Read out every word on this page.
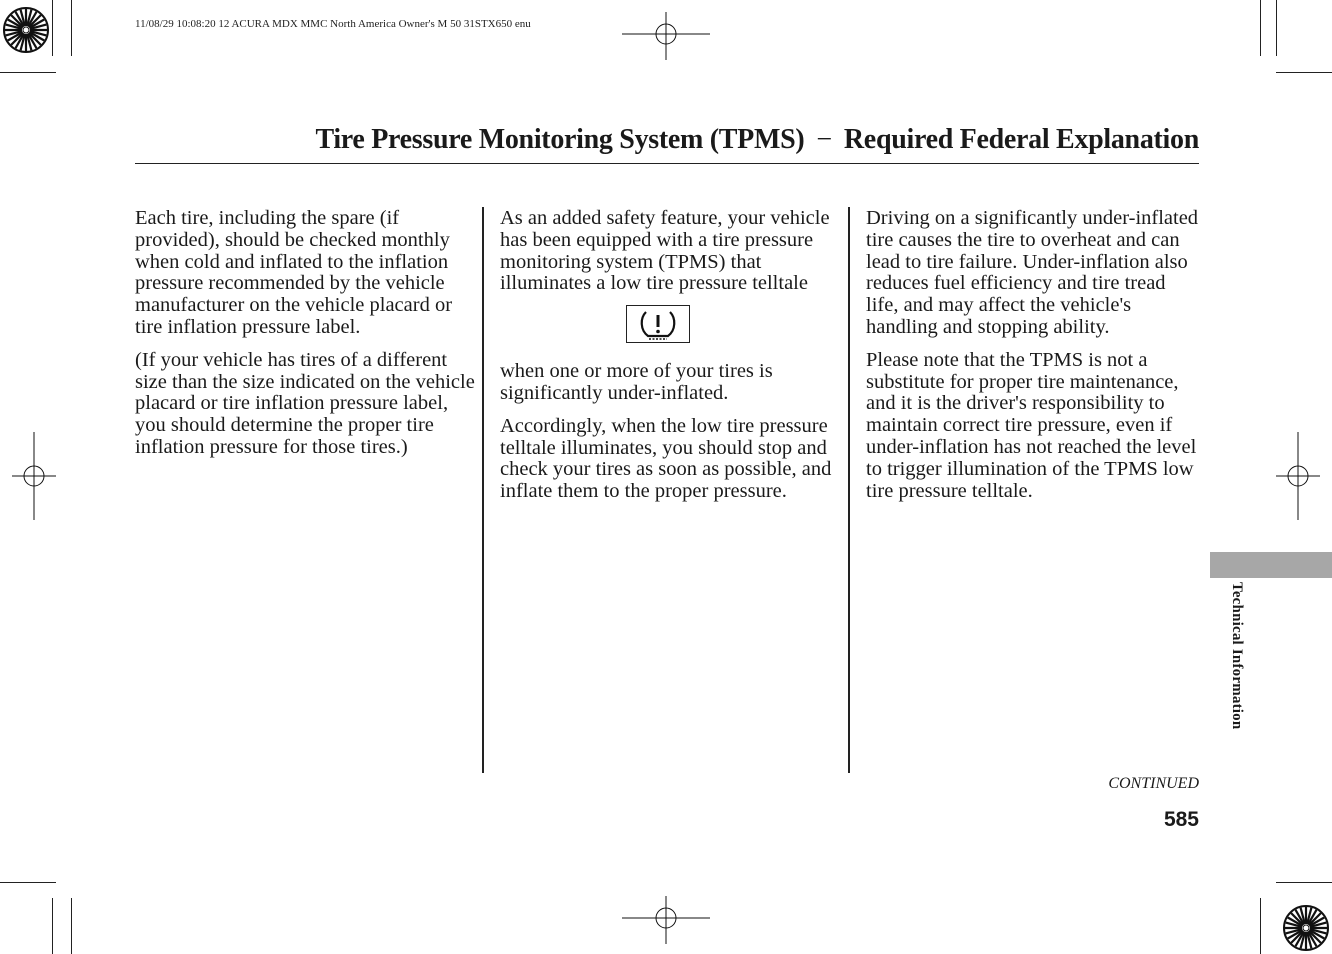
11/08/29 10:08:20 12 ACURA MDX MMC North America Owner's M 50 31STX650 enu
Tire Pressure Monitoring System (TPMS) − Required Federal Explanation

Each tire, including the spare (if provided), should be checked monthly when cold and inflated to the inflation pressure recommended by the vehicle manufacturer on the vehicle placard or tire inflation pressure label.

(If your vehicle has tires of a different size than the size indicated on the vehicle placard or tire inflation pressure label, you should determine the proper tire inflation pressure for those tires.)

As an added safety feature, your vehicle has been equipped with a tire pressure monitoring system (TPMS) that illuminates a low tire pressure telltale

when one or more of your tires is significantly under-inflated.

Accordingly, when the low tire pressure telltale illuminates, you should stop and check your tires as soon as possible, and inflate them to the proper pressure.

Driving on a significantly under-inflated tire causes the tire to overheat and can lead to tire failure. Under-inflation also reduces fuel efficiency and tire tread life, and may affect the vehicle's handling and stopping ability.

Please note that the TPMS is not a substitute for proper tire maintenance, and it is the driver's responsibility to maintain correct tire pressure, even if under-inflation has not reached the level to trigger illumination of the TPMS low tire pressure telltale.

Technical Information
CONTINUED
585
